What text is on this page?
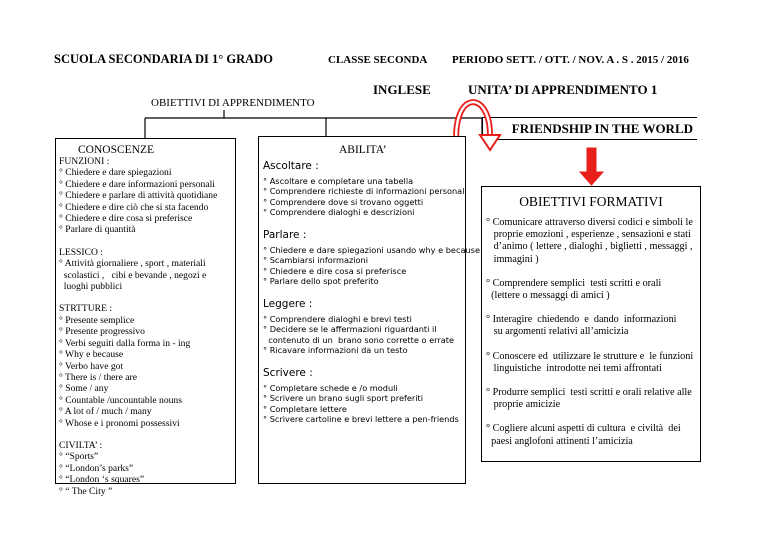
SCUOLA SECONDARIA DI 1° GRADO	CLASSE SECONDA PERIODO SETT. / OTT. / NOV. A . S . 2015 / 2016
INGLESE	UNITA’ DI APPRENDIMENTO 1
OBIETTIVI DI APPRENDIMENTO
FRIENDSHIP IN THE WORLD
CONOSCENZE
FUNZIONI :
° Chiedere e dare spiegazioni
° Chiedere e dare informazioni personali
° Chiedere e parlare di attività quotidiane
° Chiedere e dire ciò che si sta facendo
° Chiedere e dire cosa si preferisce
° Parlare di quantità
LESSICO :
° Attività giornaliere , sport , materiali
scolastici ,   cibi e bevande , negozi e
luoghi pubblici
STRTTURE :
° Presente semplice
° Presente progressivo
° Verbi seguiti dalla forma in - ing
° Why e because
° Verbo have got
° There is / there are
° Some / any
° Countable /uncountable nouns
° A lot of / much / many
° Whose e i pronomi possessivi
CIVILTA’ :
° “Sports”
° “London’s parks”
° “London ‘s squares”
° “ The City ”
ABILITA’
Ascoltare :
° Ascoltare e completare una tabella
° Comprendere richieste di informazioni personali
° Comprendere dove si trovano oggetti
° Comprendere dialoghi e descrizioni
Parlare :
° Chiedere e dare spiegazioni usando why e because
° Scambiarsi informazioni
° Chiedere e dire cosa si preferisce
° Parlare dello spot preferito
Leggere :
° Comprendere dialoghi e brevi testi
° Decidere se le affermazioni riguardanti il
contenuto di un  brano sono corrette o errate
° Ricavare informazioni da un testo
Scrivere :
° Completare schede e /o moduli
° Scrivere un brano sugli sport preferiti
° Completare lettere
° Scrivere cartoline e brevi lettere a pen-friends
OBIETTIVI FORMATIVI
° Comunicare attraverso diversi codici e simboli le
proprie emozioni , esperienze , sensazioni e stati
d’animo ( lettere , dialoghi , biglietti , messaggi ,
immagini )
° Comprendere semplici  testi scritti e orali
(lettere o messaggi di amici )
° Interagire  chiedendo  e  dando  informazioni
su argomenti relativi all’amicizia
° Conoscere ed  utilizzare le strutture e  le funzioni
linguistiche  introdotte nei temi affrontati
° Produrre semplici  testi scritti e orali relative alle
proprie amicizie
° Cogliere alcuni aspetti di cultura  e civiltà  dei
paesi anglofoni attinenti l’amicizia
